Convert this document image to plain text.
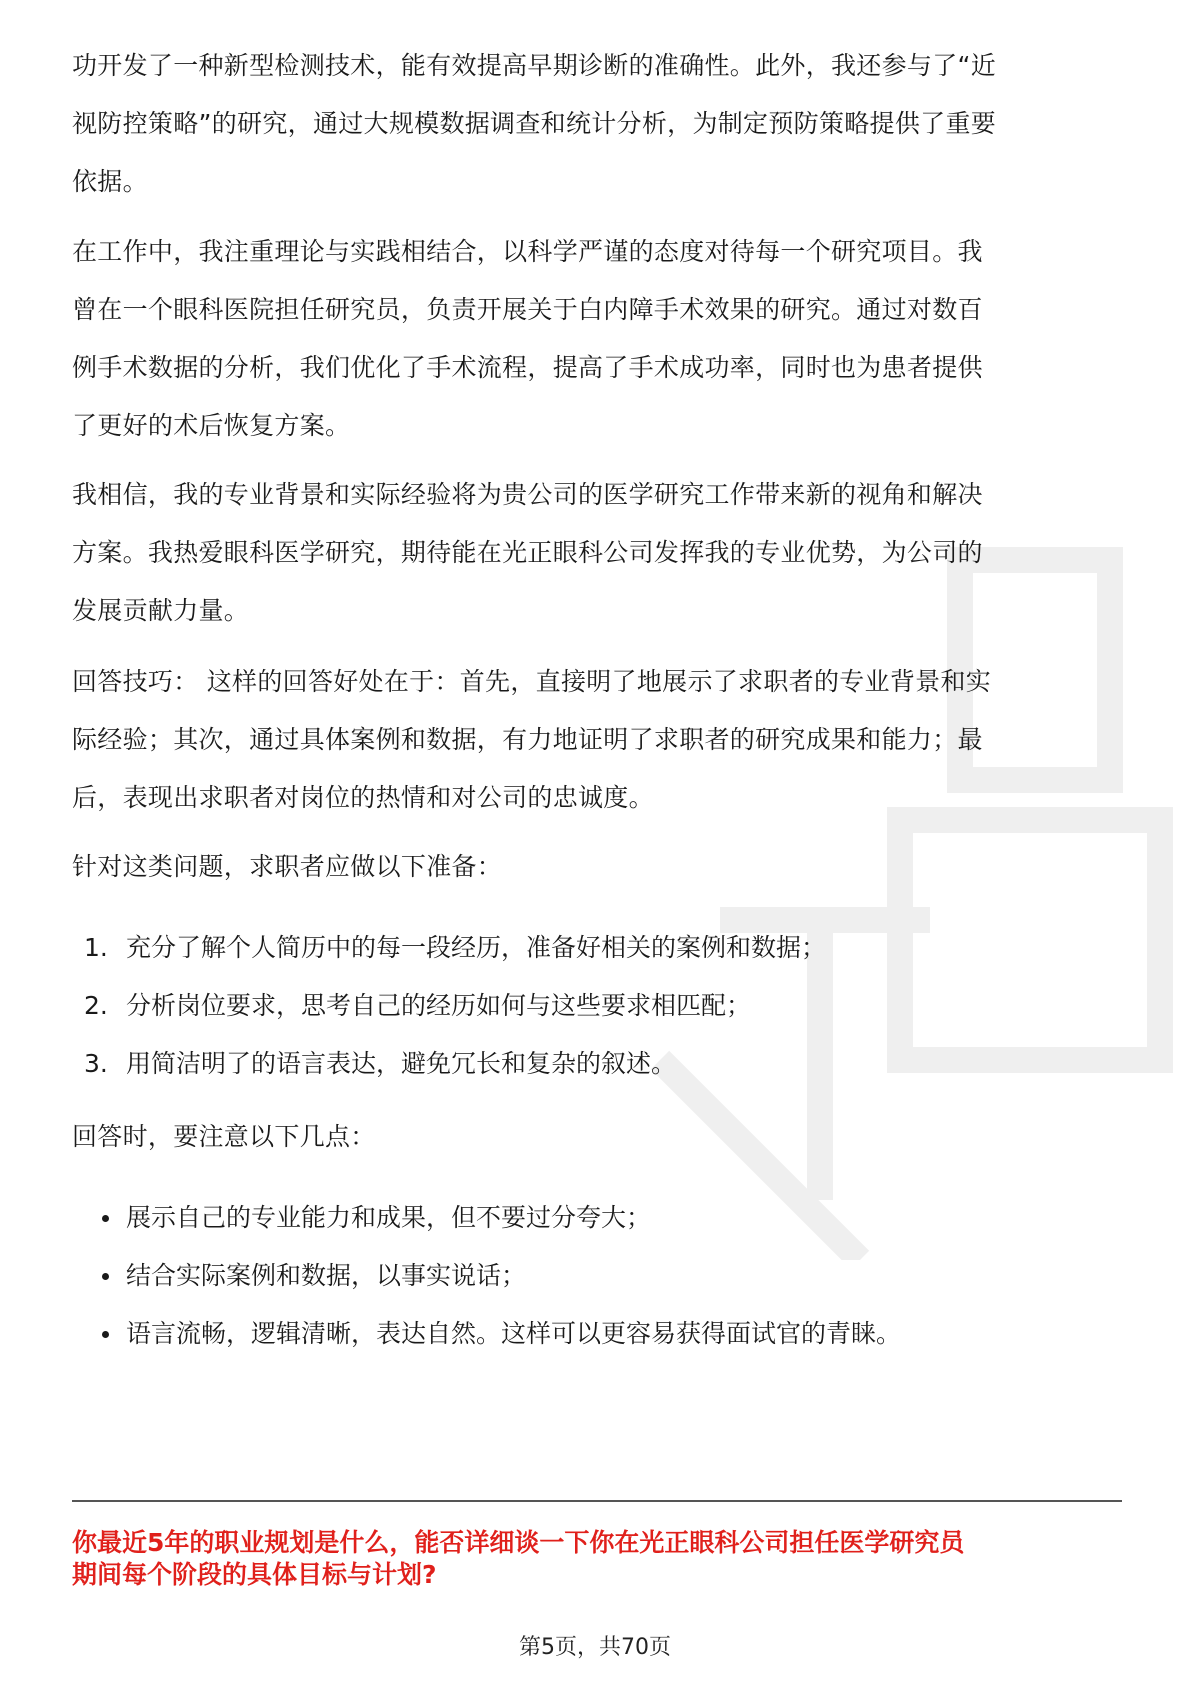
功开发了一种新型检测技术，能有效提高早期诊断的准确性。此外，我还参与了“近
视防控策略”的研究，通过大规模数据调查和统计分析，为制定预防策略提供了重要
依据。
在工作中，我注重理论与实践相结合，以科学严谨的态度对待每一个研究项目。我
曾在一个眼科医院担任研究员，负责开展关于白内障手术效果的研究。通过对数百
例手术数据的分析，我们优化了手术流程，提高了手术成功率，同时也为患者提供
了更好的术后恢复方案。
我相信，我的专业背景和实际经验将为贵公司的医学研究工作带来新的视角和解决
方案。我热爱眼科医学研究，期待能在光正眼科公司发挥我的专业优势，为公司的
发展贡献力量。
回答技巧： 这样的回答好处在于：首先，直接明了地展示了求职者的专业背景和实
际经验；其次，通过具体案例和数据，有力地证明了求职者的研究成果和能力；最
后，表现出求职者对岗位的热情和对公司的忠诚度。
针对这类问题，求职者应做以下准备：
1. 充分了解个人简历中的每一段经历，准备好相关的案例和数据；
2. 分析岗位要求，思考自己的经历如何与这些要求相匹配；
3. 用简洁明了的语言表达，避免冗长和复杂的叙述。
回答时，要注意以下几点：
展示自己的专业能力和成果，但不要过分夸大；
结合实际案例和数据，以事实说话；
语言流畅，逻辑清晰，表达自然。这样可以更容易获得面试官的青睐。
你最近5年的职业规划是什么，能否详细谈一下你在光正眼科公司担任医学研究员
期间每个阶段的具体目标与计划?
第5页，共70页
